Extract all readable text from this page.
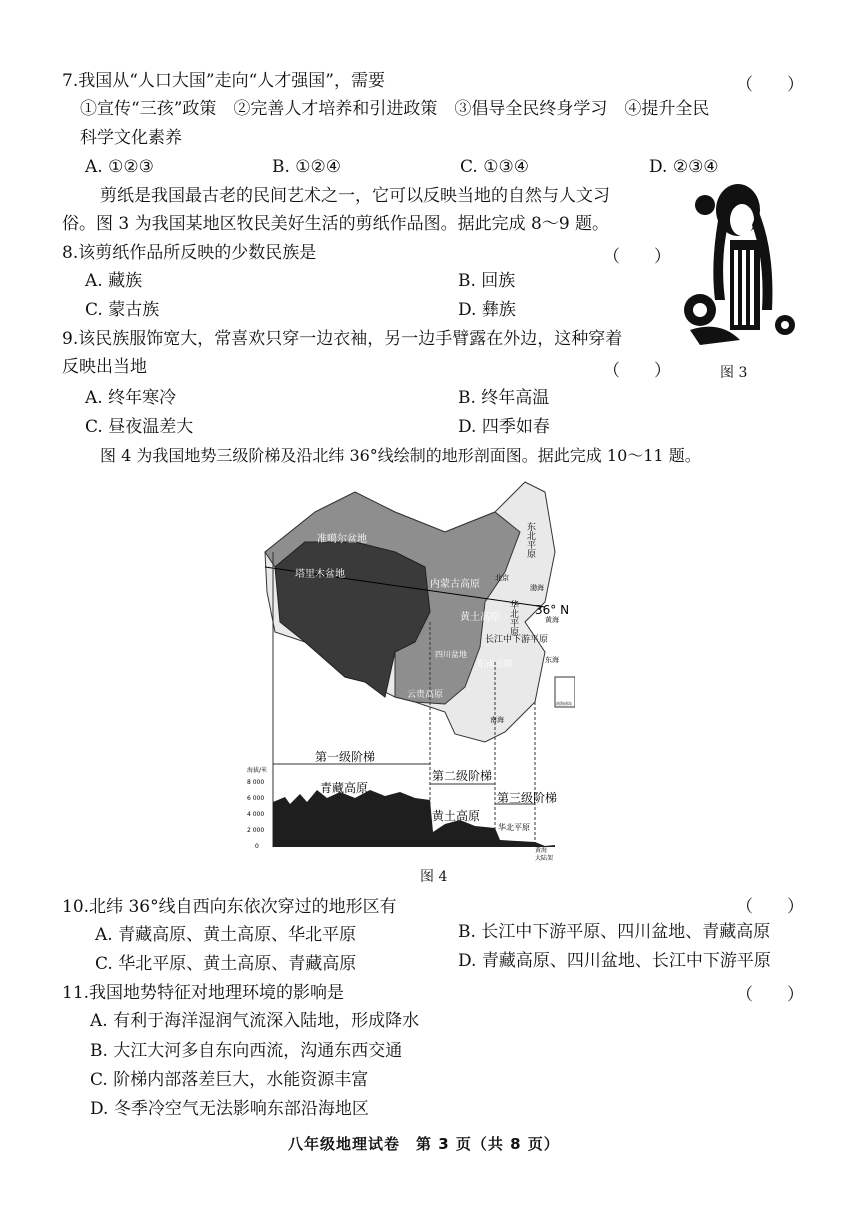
7.我国从“人口大国”走向“人才强国”，需要	（　　）
①宣传“三孩”政策　②完善人才培养和引进政策　③倡导全民终身学习　④提升全民
科学文化素养
A. ①②③	B. ①②④	C. ①③④	D. ②③④
剪纸是我国最古老的民间艺术之一，它可以反映当地的自然与人文习
俗。图 3 为我国某地区牧民美好生活的剪纸作品图。据此完成 8～9 题。
图 3
8.该剪纸作品所反映的少数民族是	（　　）
A. 藏族	B. 回族
C. 蒙古族	D. 彝族
9.该民族服饰宽大，常喜欢只穿一边衣袖，另一边手臂露在外边，这种穿着
反映出当地	（　　）
A. 终年寒冷	B. 终年高温
C. 昼夜温差大	D. 四季如春
图 4 为我国地势三级阶梯及沿北纬 36°线绘制的地形剖面图。据此完成 10～11 题。
36° N
准噶尔盆地
塔里木盆地
内蒙古高原
黄土高原
东北平原
华北平原
东南丘陵
云贵高原
四川盆地
长江中下游平原
北京
渤海
黄海
东海
南海
南海诸岛
第一级阶梯
第二级阶梯
第三级阶梯
海拔/米
8 000
6 000
4 000
2 000
0
青藏高原
黄土高原
华北平原
黄海
大陆架
图 4
10.北纬 36°线自西向东依次穿过的地形区有	（　　）
A. 青藏高原、黄土高原、华北平原	B. 长江中下游平原、四川盆地、青藏高原
C. 华北平原、黄土高原、青藏高原	D. 青藏高原、四川盆地、长江中下游平原
11.我国地势特征对地理环境的影响是	（　　）
A. 有利于海洋湿润气流深入陆地，形成降水
B. 大江大河多自东向西流，沟通东西交通
C. 阶梯内部落差巨大，水能资源丰富
D. 冬季冷空气无法影响东部沿海地区
八年级地理试卷　第 3 页（共 8 页）
